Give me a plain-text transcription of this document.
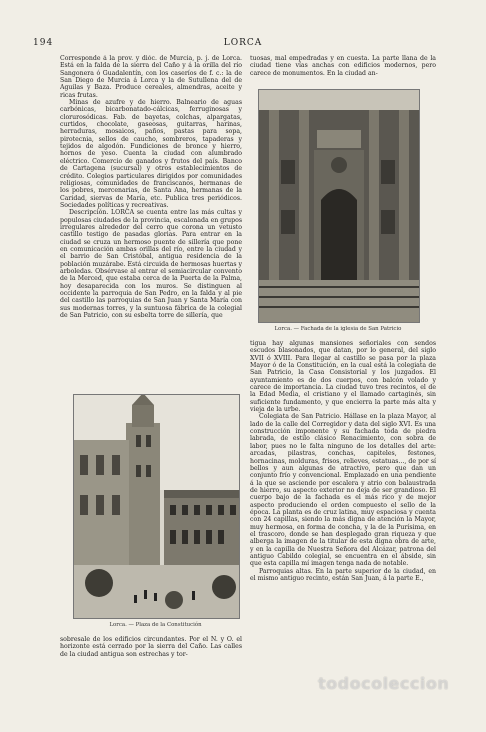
194	LORCA

Corresponde á la prov. y dióc. de Murcia, p. j. de Lorca. Está en la falda de la sierra del Caño y á la orilla del río Sangonera ó Guadalentín, con los caseríos de f. c.: la de San Diego de Murcia á Lorca y la de Sutullena del de Aguilas y Baza. Produce cereales, almendras, aceite y ricas frutas.

Minas de azufre y de hierro. Balneario de aguas carbónicas, bicarbonatado-cálcicas, ferruginosas y clorurosódicas. Fab. de bayetas, colchas, alpargatas, curtidos, chocolate, gaseosas, guitarras, harinas, herraduras, mosaicos, paños, pastas para sopa, pirotecnia, sellos de caucho, sombreros, tapaderas y tejidos de algodón. Fundiciones de bronce y hierro, hornos de yeso. Cuenta la ciudad con alumbrado eléctrico. Comercio de ganados y frutos del país. Banco de Cartagena (sucursal) y otros establecimientos de crédito. Colegios particulares dirigidos por comunidades religiosas, comunidades de franciscanos, hermanas de los pobres, mercenarias, de Santa Ana, hermanas de la Caridad, siervas de María, etc. Publica tres periódicos. Sociedades políticas y recreativas.

Descripción. LORCA se cuenta entre las más cultas y populosas ciudades de la provincia, escalonada en grupos irregulares alrededor del cerro que corona un vetusto castillo testigo de pasadas glorias. Para entrar en la ciudad se cruza un hermoso puente de sillería que pone en comunicación ambas orillas del río, entre la ciudad y el barrio de San Cristóbal, antigua residencia de la población muzárabe. Está circuida de hermosas huertas y arboledas. Obsérvase al entrar el semiacircular convento de la Merced, que estaba cerca de la Puerta de la Palma, hoy desaparecida con los muros. Se distinguen al occidente la parroquia de San Pedro, en la falda y al pie del castillo las parroquias de San Juan y Santa María con sus modernas torres, y la suntuosa fábrica de la colegial de San Patricio, con su esbelta torre de sillería, que

Lorca. — Plaza de la Constitución

sobresale de los edificios circundantes. Por el N. y O. el horizonte está cerrado por la sierra del Caño. Las calles de la ciudad antigua son estrechas y tor-

tuosas, mal empedradas y en cuesta. La parte llana de la ciudad tiene vías anchas con edificios modernos, pero carece de monumentos. En la ciudad an-

Lorca. — Fachada de la iglesia de San Patricio

tigua hay algunas mansiones señoriales con sendos escudos blasonados, que datan, por lo general, del siglo XVII ó XVIII. Para llegar al castillo se pasa por la plaza Mayor ó de la Constitución, en la cual está la colegiata de San Patricio, la Casa Consistorial y los juzgados. El ayuntamiento es de dos cuerpos, con balcón volado y carece de importancia. La ciudad tuvo tres recintos, el de la Edad Media, el cristiano y el llamado cartaginés, sin suficiente fundamento, y que encierra la parte más alta y vieja de la urbe.

Colegiata de San Patricio. Hállase en la plaza Mayor, al lado de la calle del Corregidor y data del siglo XVI. Es una construcción imponente y su fachada toda de piedra labrada, de estilo clásico Renacimiento, con sobra de labor, pues no le falta ninguno de los detalles del arte: arcadas, pilastras, conchas, capiteles, festones, hornacinas, molduras, frisos, relieves, estatuas..., de por sí bellos y aun algunas de atractivo, pero que dan un conjunto frío y convencional. Emplazado en una pendiente á la que se asciende por escalera y atrio con balaustrada de hierro, su aspecto exterior no deja de ser grandioso. El cuerpo bajo de la fachada es el más rico y de mejor aspecto produciendo el orden compuesto el sello de la época. La planta es de cruz latina, muy espaciosa y cuenta con 24 capillas, siendo la más digna de atención la Mayor, muy hermosa, en forma de concha, y la de la Purísima, en el trascoro, donde se han desplegado gran riqueza y que alberga la imagen de la titular de esta digna obra de arte, y en la capilla de Nuestra Señora del Alcázar, patrona del antiguo Cabildo colegial, se encuentra en el ábside, sin que esta capilla mí imagen tenga nada de notable.

Parroquias altas. En la parte superior de la ciudad, en el mismo antiguo recinto, están San Juan, á la parte E.,

todocoleccion
